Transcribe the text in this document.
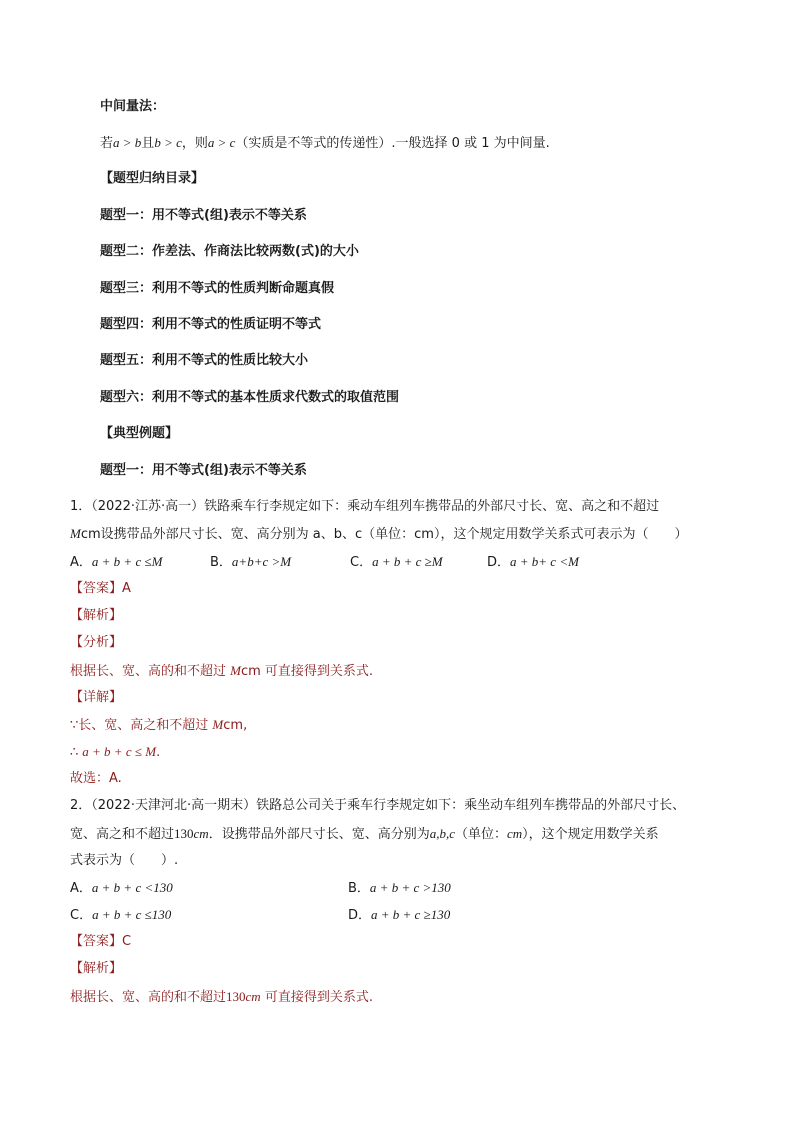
中间量法：
若a > b且b > c，则a > c（实质是不等式的传递性）.一般选择 0 或 1 为中间量.
【题型归纳目录】
题型一：用不等式(组)表示不等关系
题型二：作差法、作商法比较两数(式)的大小
题型三：利用不等式的性质判断命题真假
题型四：利用不等式的性质证明不等式
题型五：利用不等式的性质比较大小
题型六：利用不等式的基本性质求代数式的取值范围
【典型例题】
题型一：用不等式(组)表示不等关系
1．（2022·江苏·高一）铁路乘车行李规定如下：乘动车组列车携带品的外部尺寸长、宽、高之和不超过
Mcm设携带品外部尺寸长、宽、高分别为 a、b、c（单位：cm），这个规定用数学关系式可表示为（　　）
A．a + b + c ≤M	B．a+b+c >M	C．a + b + c ≥M	D．a + b+ c <M
【答案】A
【解析】
【分析】
根据长、宽、高的和不超过 Mcm 可直接得到关系式.
【详解】
∵长、宽、高之和不超过 Mcm,
∴ a + b + c ≤ M.
故选：A.
2．（2022·天津河北·高一期末）铁路总公司关于乘车行李规定如下：乘坐动车组列车携带品的外部尺寸长、
宽、高之和不超过130cm．设携带品外部尺寸长、宽、高分别为a,b,c（单位：cm），这个规定用数学关系
式表示为（　　）.
A．a + b + c <130	B．a + b + c >130
C．a + b + c ≤130	D．a + b + c ≥130
【答案】C
【解析】
根据长、宽、高的和不超过130cm 可直接得到关系式.
